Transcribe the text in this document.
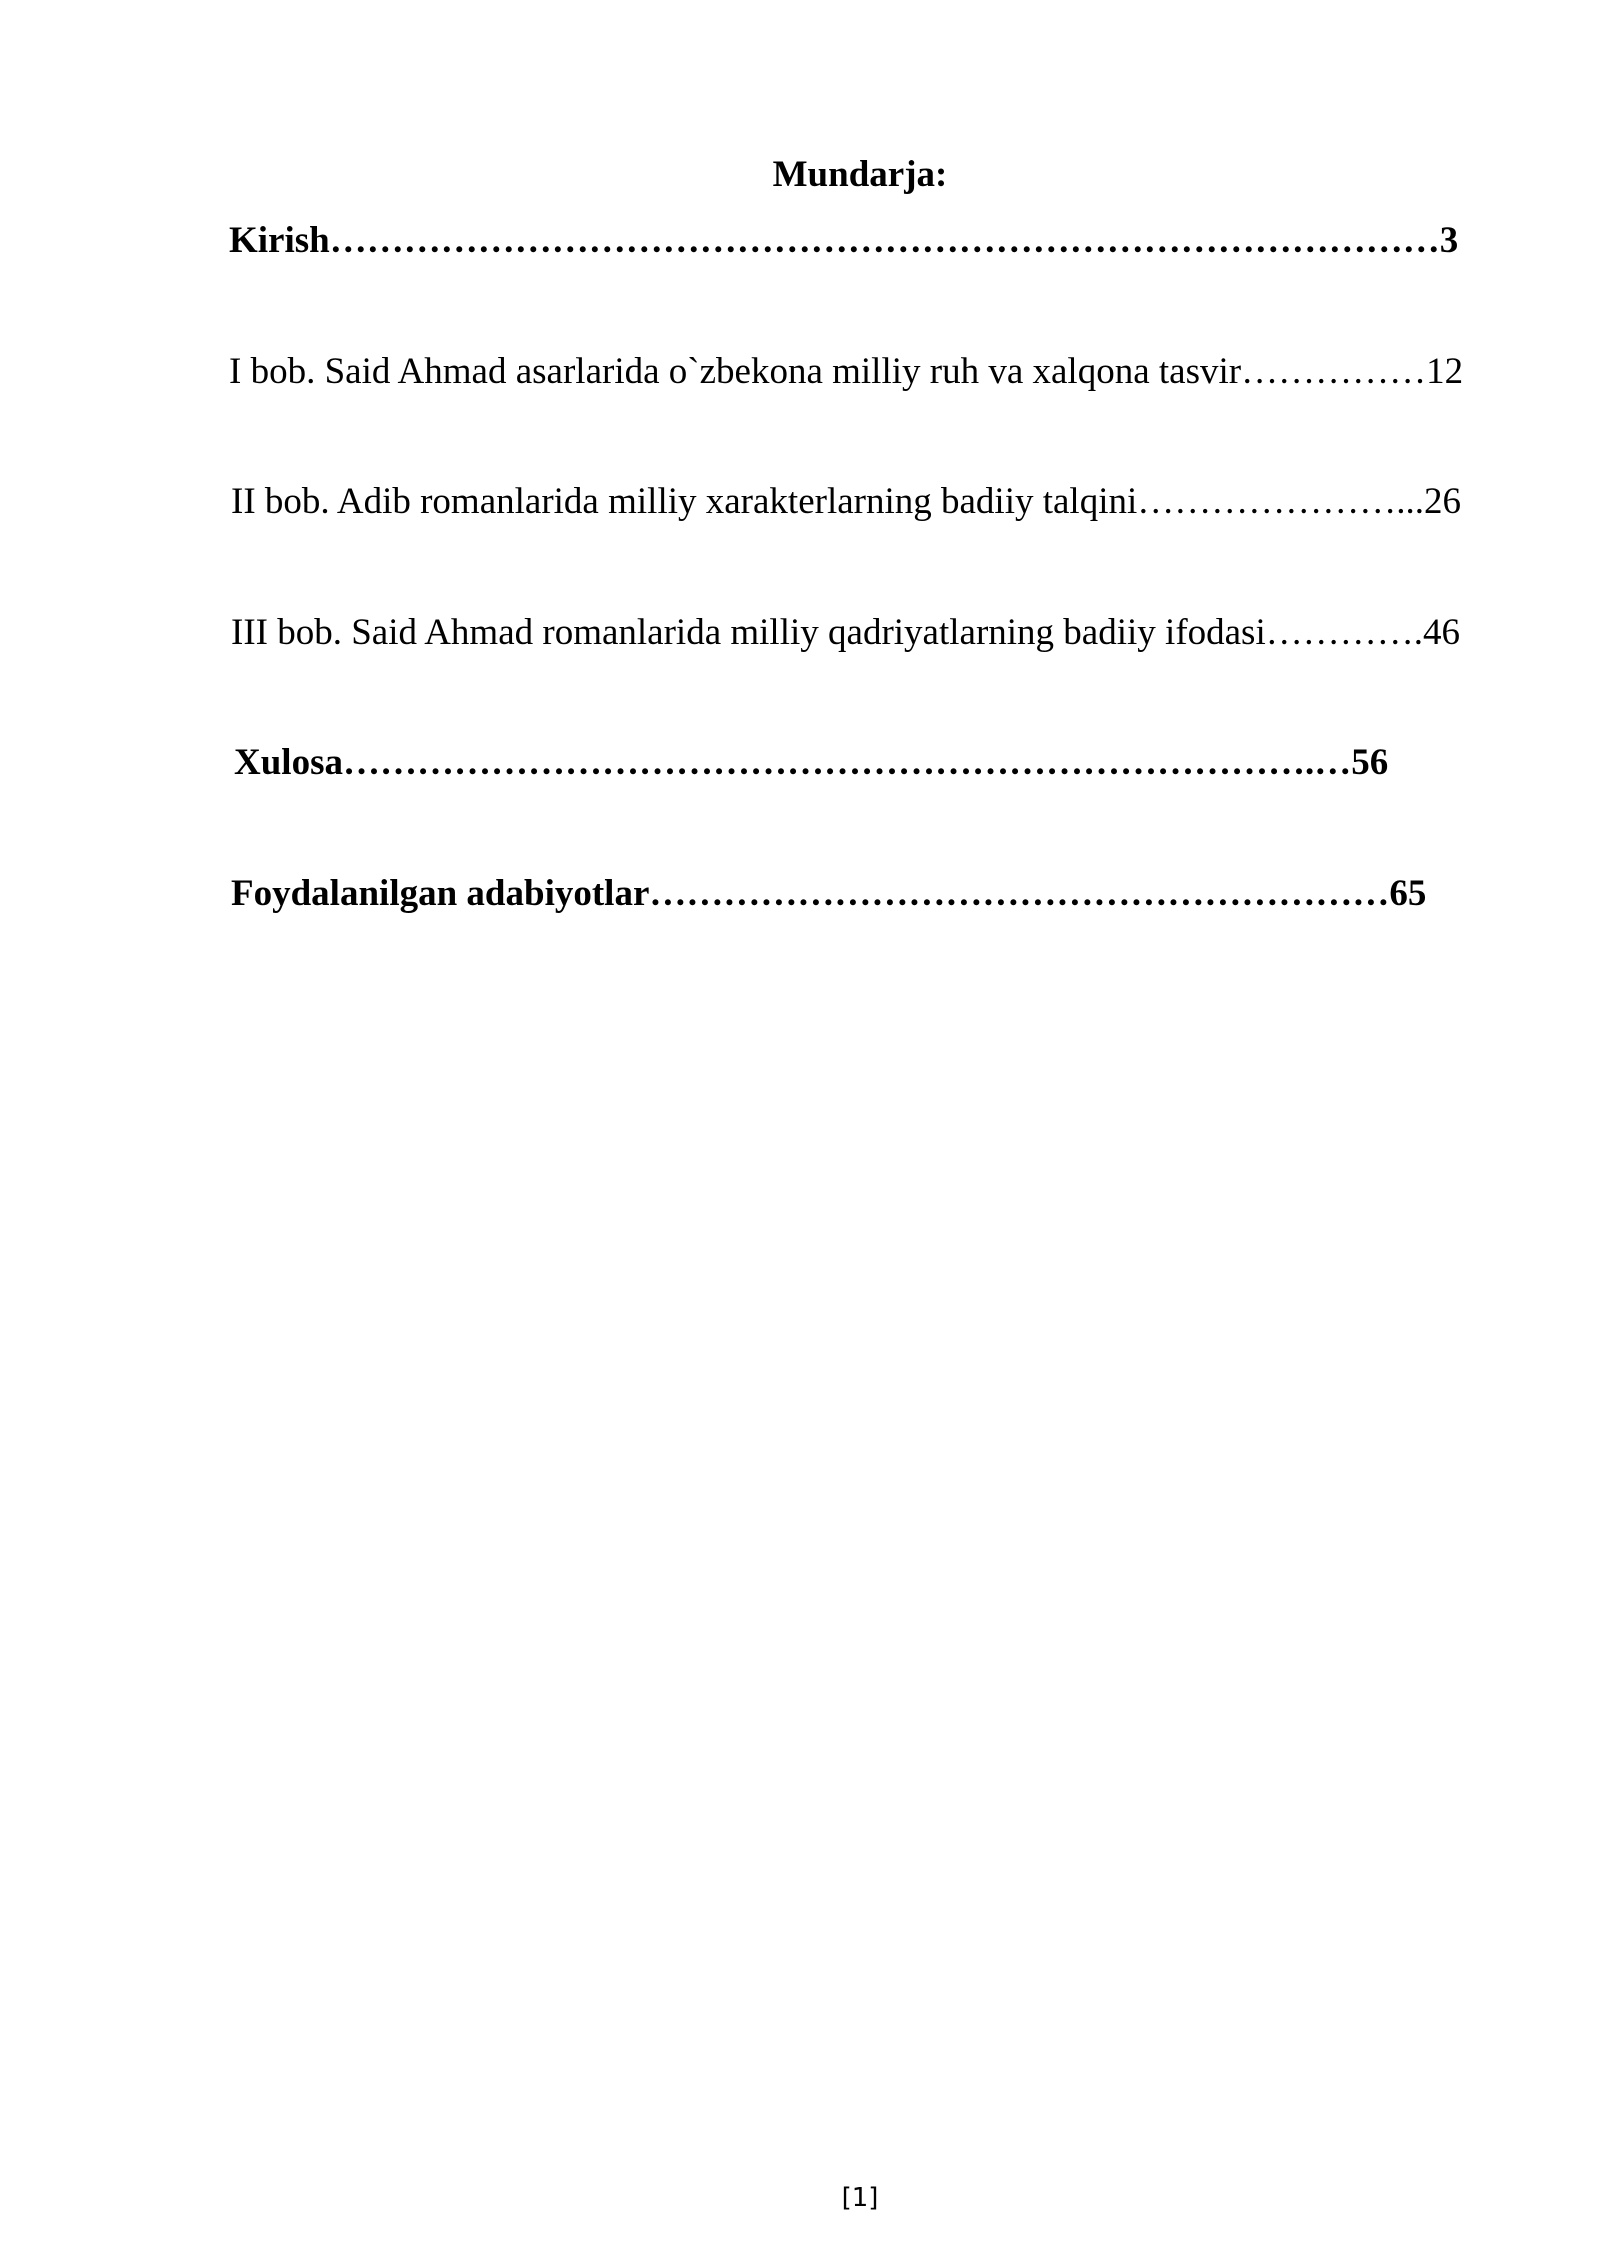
Mundarja:
Kirish………………………………………………………………………………3
I bob. Said Ahmad asarlarida o`zbekona milliy ruh va xalqona tasvir……………12
II bob. Adib romanlarida milliy xarakterlarning badiiy talqini…………………...26
III bob. Said Ahmad romanlarida milliy qadriyatlarning badiiy ifodasi………….46
Xulosa…………………………………………………………………….…56
Foydalanilgan adabiyotlar……………………………………………………65
[1]
